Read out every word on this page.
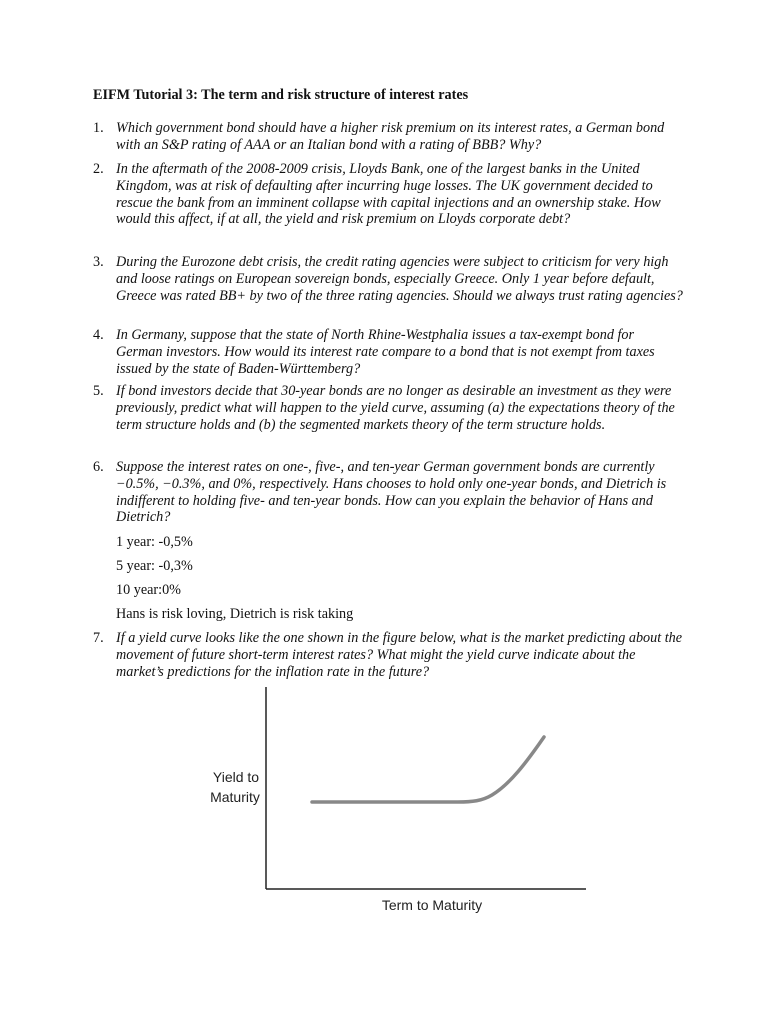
EIFM Tutorial 3: The term and risk structure of interest rates
1. Which government bond should have a higher risk premium on its interest rates, a German bond with an S&P rating of AAA or an Italian bond with a rating of BBB? Why?
2. In the aftermath of the 2008-2009 crisis, Lloyds Bank, one of the largest banks in the United Kingdom, was at risk of defaulting after incurring huge losses. The UK government decided to rescue the bank from an imminent collapse with capital injections and an ownership stake. How would this affect, if at all, the yield and risk premium on Lloyds corporate debt?
3. During the Eurozone debt crisis, the credit rating agencies were subject to criticism for very high and loose ratings on European sovereign bonds, especially Greece. Only 1 year before default, Greece was rated BB+ by two of the three rating agencies. Should we always trust rating agencies?
4. In Germany, suppose that the state of North Rhine-Westphalia issues a tax-exempt bond for German investors. How would its interest rate compare to a bond that is not exempt from taxes issued by the state of Baden-Württemberg?
5. If bond investors decide that 30-year bonds are no longer as desirable an investment as they were previously, predict what will happen to the yield curve, assuming (a) the expectations theory of the term structure holds and (b) the segmented markets theory of the term structure holds.
6. Suppose the interest rates on one-, five-, and ten-year German government bonds are currently −0.5%, −0.3%, and 0%, respectively. Hans chooses to hold only one-year bonds, and Dietrich is indifferent to holding five- and ten-year bonds. How can you explain the behavior of Hans and Dietrich?
1 year: -0,5%
5 year: -0,3%
10 year:0%
Hans is risk loving, Dietrich is risk taking
7. If a yield curve looks like the one shown in the figure below, what is the market predicting about the movement of future short-term interest rates? What might the yield curve indicate about the market’s predictions for the inflation rate in the future?
Yield to
Maturity
Term to Maturity
